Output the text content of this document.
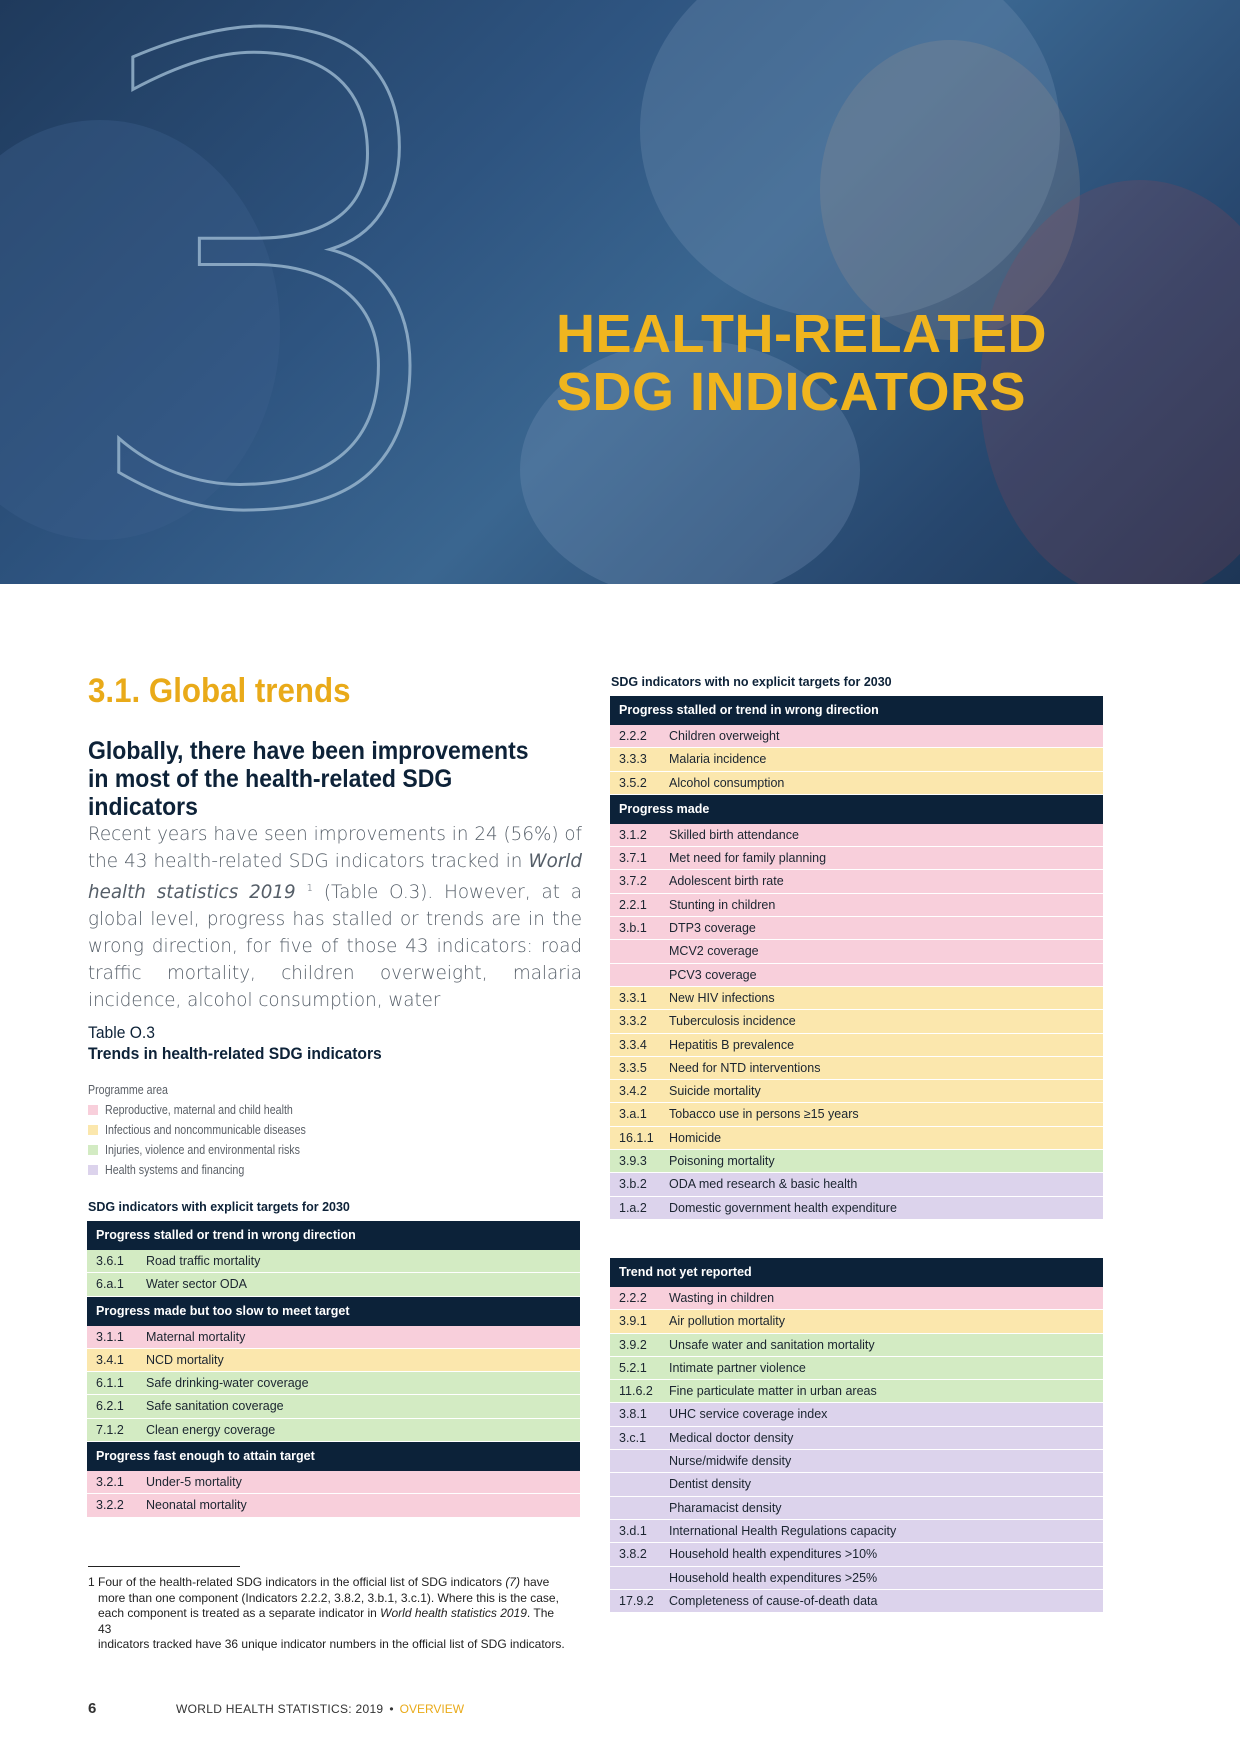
3 HEALTH-RELATED
SDG INDICATORS
3.1. Global trends
Globally, there have been improvements in most of the health-related SDG indicators
Recent years have seen improvements in 24 (56%) of the 43 health-related SDG indicators tracked in World health statistics 2019 $^1$ (Table O.3). However, at a global level, progress has stalled or trends are in the wrong direction, for five of those 43 indicators: road traffic mortality, children overweight, malaria incidence, alcohol consumption, water
Table O.3
Trends in health-related SDG indicators
Programme area
Reproductive, maternal and child health
Infectious and noncommunicable diseases
Injuries, violence and environmental risks
Health systems and financing
SDG indicators with explicit targets for 2030
Progress stalled or trend in wrong direction
3.6.1	Road traffic mortality
6.a.1	Water sector ODA
Progress made but too slow to meet target
3.1.1	Maternal mortality
3.4.1	NCD mortality
6.1.1	Safe drinking-water coverage
6.2.1	Safe sanitation coverage
7.1.2	Clean energy coverage
Progress fast enough to attain target
3.2.1	Under-5 mortality
3.2.2	Neonatal mortality
1 Four of the health-related SDG indicators in the official list of SDG indicators (7) have
more than one component (Indicators 2.2.2, 3.8.2, 3.b.1, 3.c.1). Where this is the case,
each component is treated as a separate indicator in World health statistics 2019. The 43
indicators tracked have 36 unique indicator numbers in the official list of SDG indicators.
SDG indicators with no explicit targets for 2030
Progress stalled or trend in wrong direction
2.2.2	Children overweight
3.3.3	Malaria incidence
3.5.2	Alcohol consumption
Progress made
3.1.2	Skilled birth attendance
3.7.1	Met need for family planning
3.7.2	Adolescent birth rate
2.2.1	Stunting in children
3.b.1	DTP3 coverage
MCV2 coverage
PCV3 coverage
3.3.1	New HIV infections
3.3.2	Tuberculosis incidence
3.3.4	Hepatitis B prevalence
3.3.5	Need for NTD interventions
3.4.2	Suicide mortality
3.a.1	Tobacco use in persons ≥15 years
16.1.1	Homicide
3.9.3	Poisoning mortality
3.b.2	ODA med research & basic health
1.a.2	Domestic government health expenditure
Trend not yet reported
2.2.2	Wasting in children
3.9.1	Air pollution mortality
3.9.2	Unsafe water and sanitation mortality
5.2.1	Intimate partner violence
11.6.2	Fine particulate matter in urban areas
3.8.1	UHC service coverage index
3.c.1	Medical doctor density
Nurse/midwife density
Dentist density
Pharamacist density
3.d.1	International Health Regulations capacity
3.8.2	Household health expenditures >10%
Household health expenditures >25%
17.9.2	Completeness of cause-of-death data
6	WORLD HEALTH STATISTICS: 2019 • OVERVIEW
